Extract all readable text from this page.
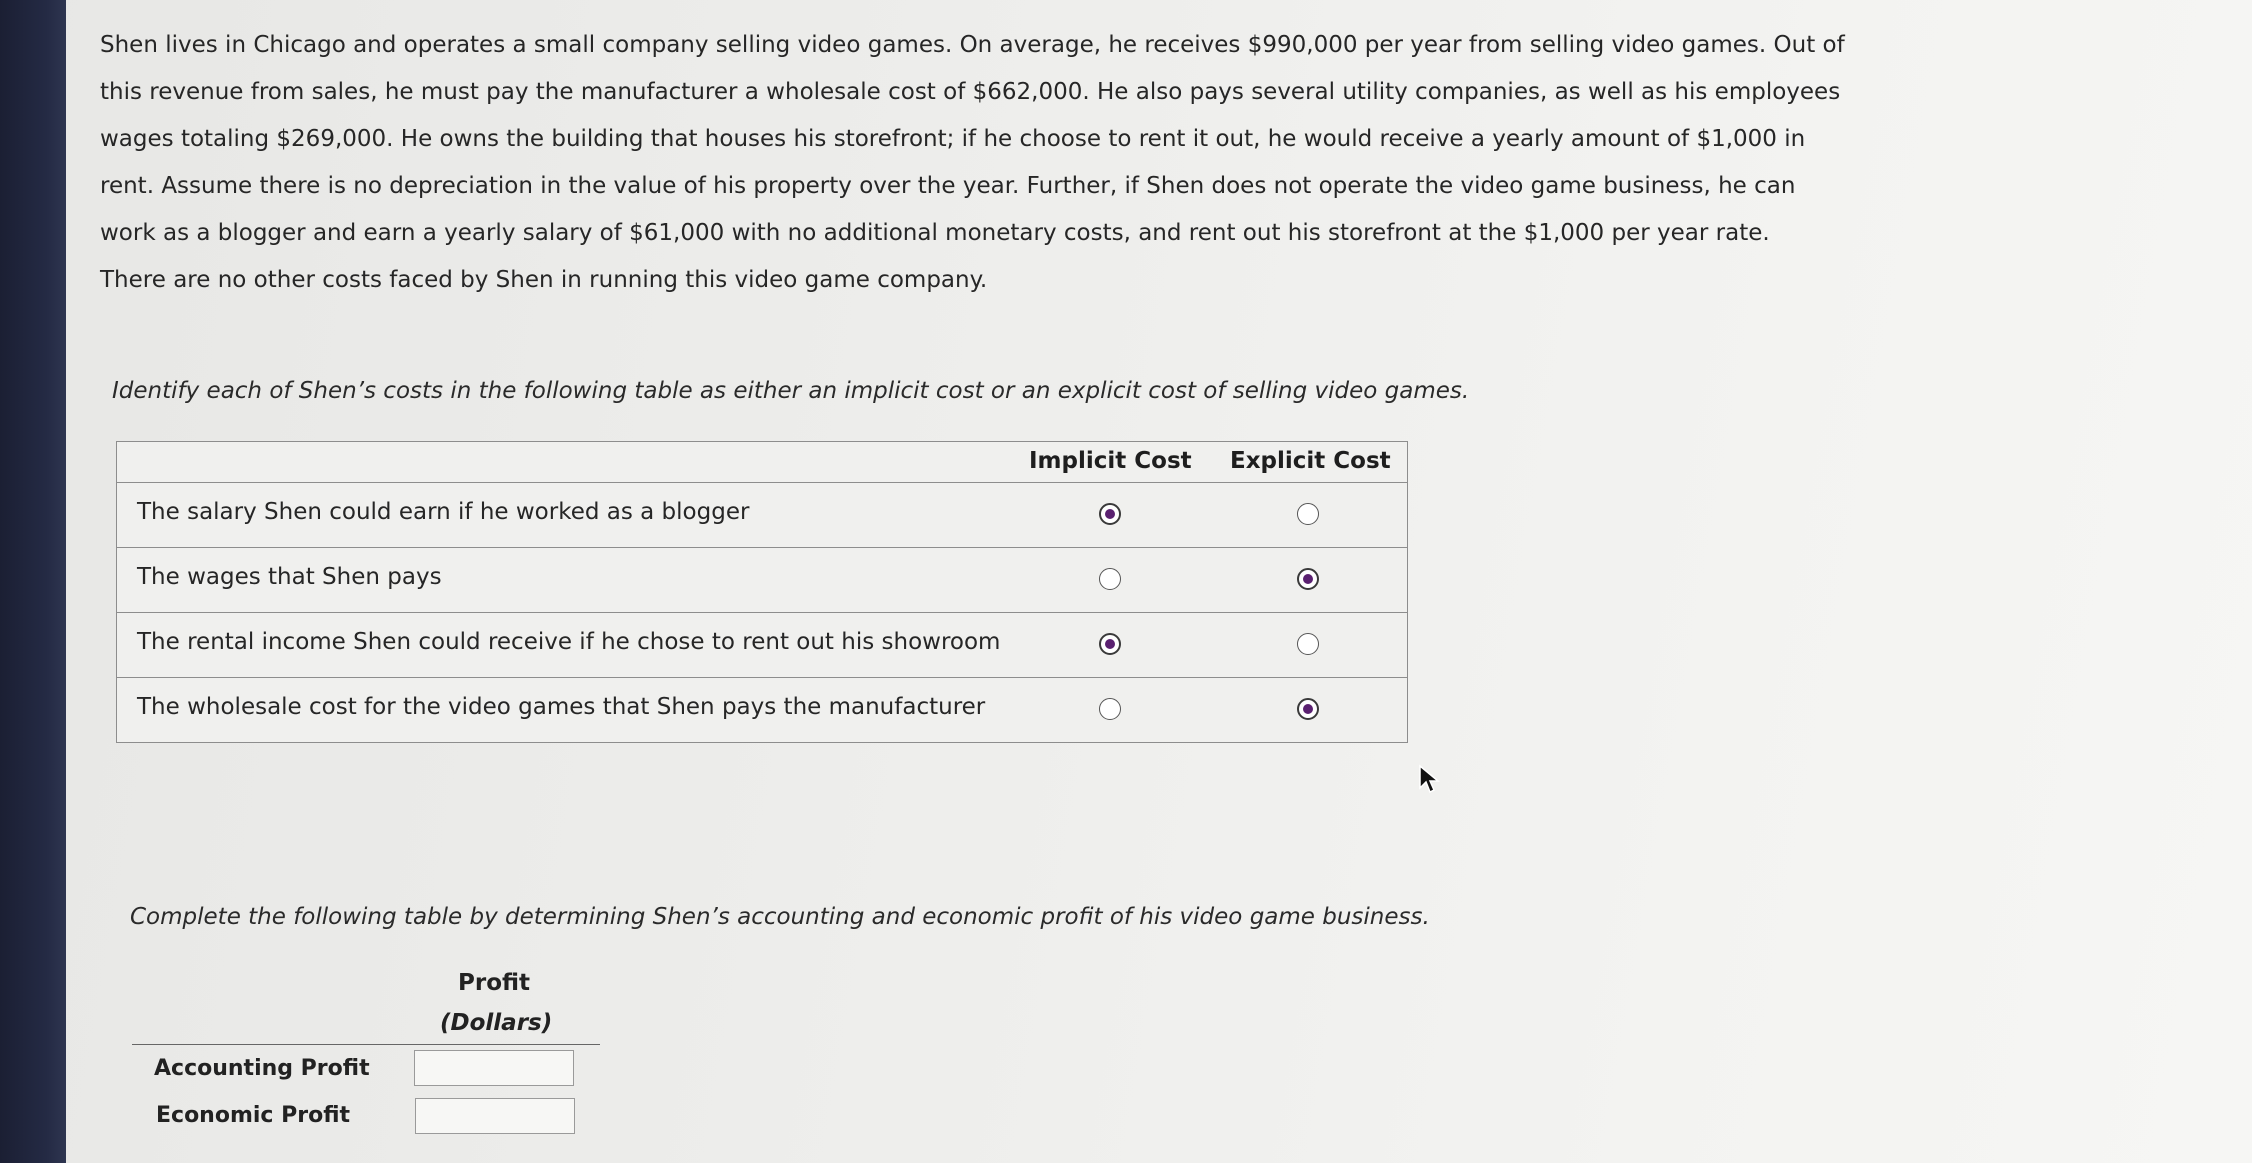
Shen lives in Chicago and operates a small company selling video games. On average, he receives $990,000 per year from selling video games. Out of
this revenue from sales, he must pay the manufacturer a wholesale cost of $662,000. He also pays several utility companies, as well as his employees
wages totaling $269,000. He owns the building that houses his storefront; if he choose to rent it out, he would receive a yearly amount of $1,000 in
rent. Assume there is no depreciation in the value of his property over the year. Further, if Shen does not operate the video game business, he can
work as a blogger and earn a yearly salary of $61,000 with no additional monetary costs, and rent out his storefront at the $1,000 per year rate.
There are no other costs faced by Shen in running this video game company.

Identify each of Shen’s costs in the following table as either an implicit cost or an explicit cost of selling video games.

Implicit Cost Explicit Cost
The salary Shen could earn if he worked as a blogger
The wages that Shen pays
The rental income Shen could receive if he chose to rent out his showroom
The wholesale cost for the video games that Shen pays the manufacturer

Complete the following table by determining Shen’s accounting and economic profit of his video game business.

Profit
(Dollars)
Accounting Profit
Economic Profit
